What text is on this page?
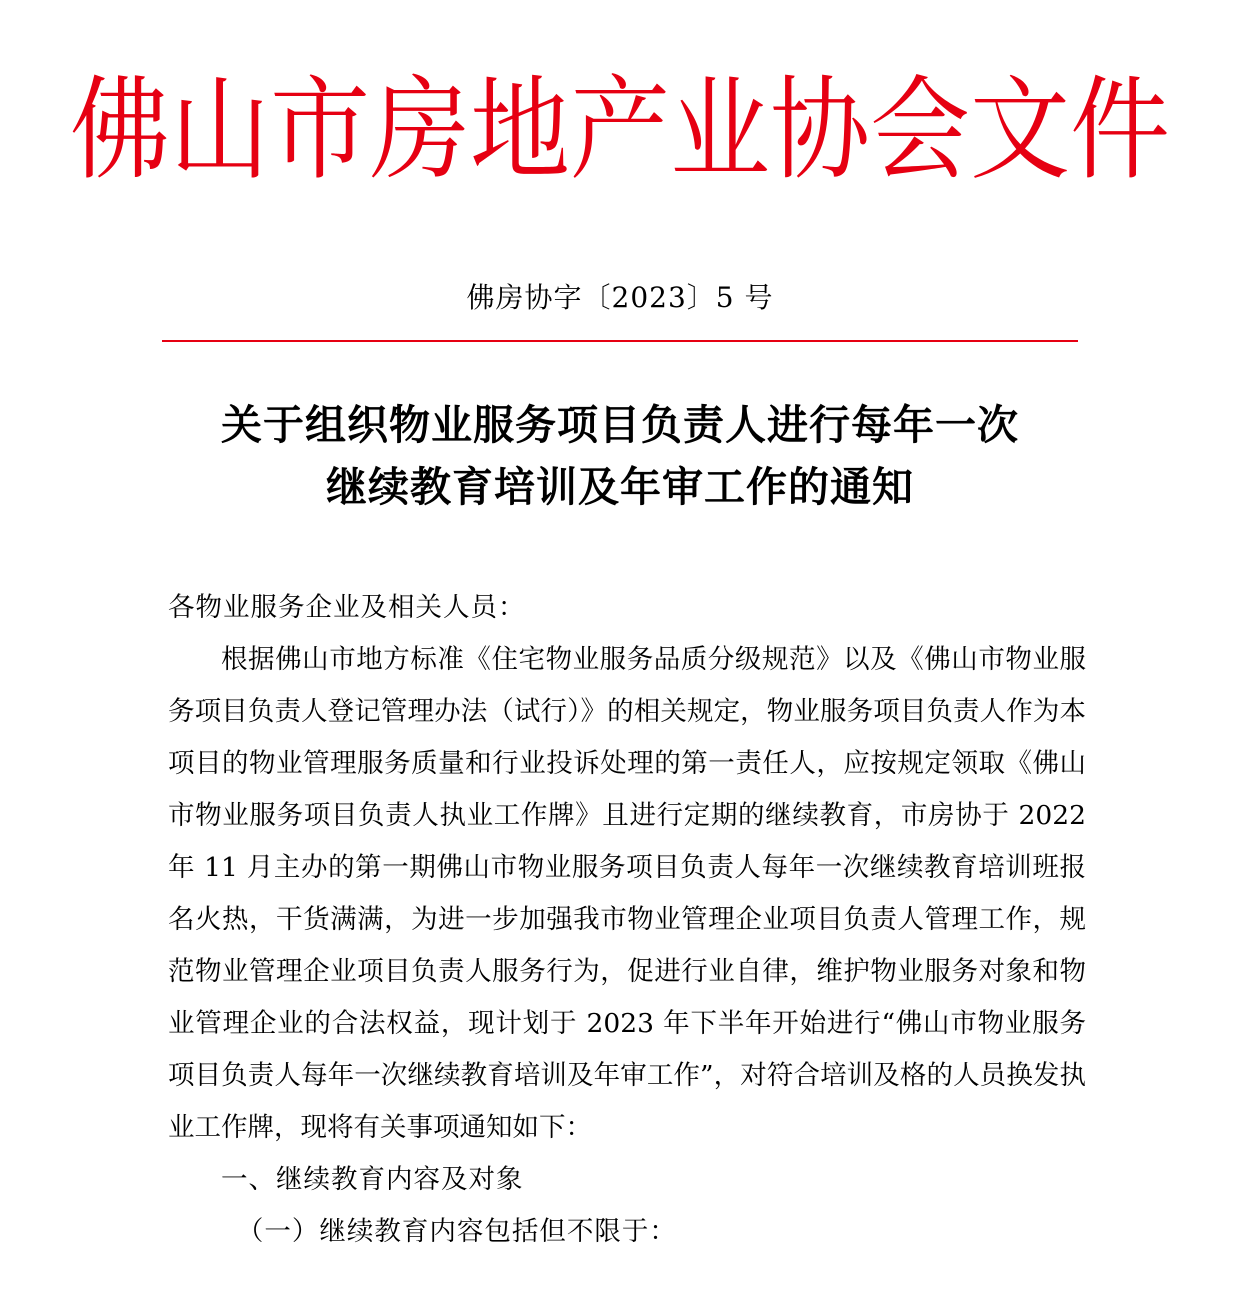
佛山市房地产业协会文件
佛房协字〔2023〕5 号
关于组织物业服务项目负责人进行每年一次
继续教育培训及年审工作的通知

各物业服务企业及相关人员：

根据佛山市地方标准《住宅物业服务品质分级规范》以及《佛山市物业服务项目负责人登记管理办法（试行）》的相关规定，物业服务项目负责人作为本项目的物业管理服务质量和行业投诉处理的第一责任人，应按规定领取《佛山市物业服务项目负责人执业工作牌》且进行定期的继续教育，市房协于 2022 年 11 月主办的第一期佛山市物业服务项目负责人每年一次继续教育培训班报名火热，干货满满，为进一步加强我市物业管理企业项目负责人管理工作，规范物业管理企业项目负责人服务行为，促进行业自律，维护物业服务对象和物业管理企业的合法权益，现计划于 2023 年下半年开始进行“佛山市物业服务项目负责人每年一次继续教育培训及年审工作”，对符合培训及格的人员换发执业工作牌，现将有关事项通知如下：

一、继续教育内容及对象

（一）继续教育内容包括但不限于：
